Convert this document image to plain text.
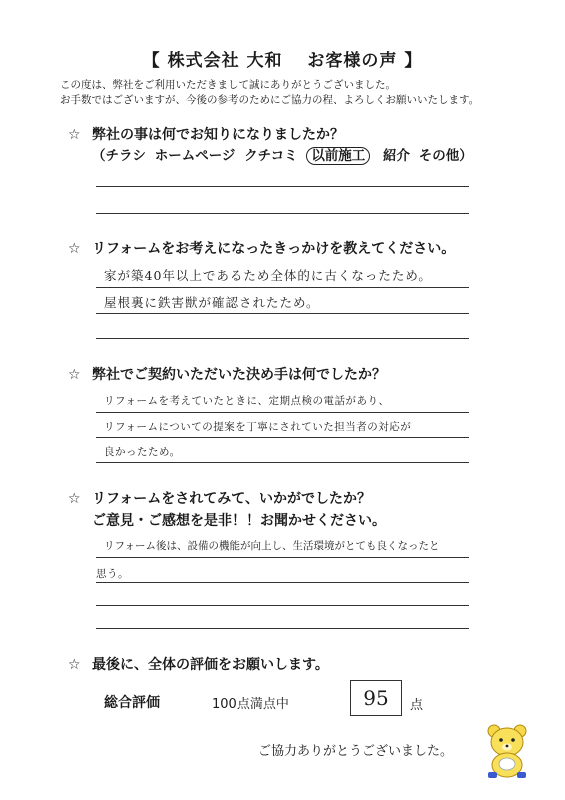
【 株式会社 大和　 お客様の声 】
この度は、弊社をご利用いただきまして誠にありがとうございました。
お手数ではございますが、今後の参考のためにご協力の程、よろしくお願いいたします。
☆ 弊社の事は何でお知りになりましたか？
（チラシ ホームページ クチコミ 以前施工 紹介 その他）
☆ リフォームをお考えになったきっかけを教えてください。
家が築40年以上であるため全体的に古くなったため。
屋根裏に鉄害獣が確認されたため。
☆ 弊社でご契約いただいた決め手は何でしたか？
リフォームを考えていたときに、定期点検の電話があり、
リフォームについての提案を丁寧にされていた担当者の対応が
良かったため。
☆ リフォームをされてみて、いかがでしたか？
ご意見・ご感想を是非！！お聞かせください。
リフォーム後は、設備の機能が向上し、生活環境がとても良くなったと
思う。
☆ 最後に、全体の評価をお願いします。
総合評価	100点満点中	95	点
ご協力ありがとうございました。
